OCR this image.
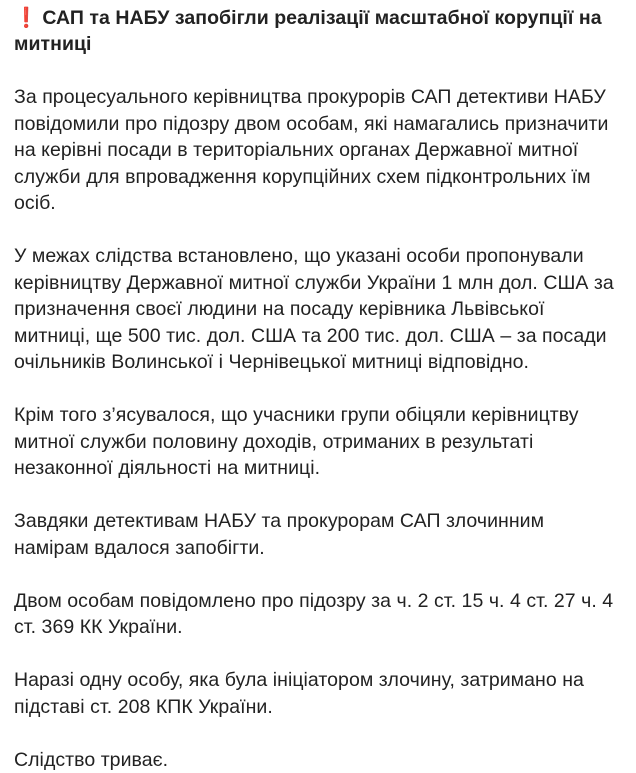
❗ САП та НАБУ запобігли реалізації масштабної корупції на митниці
За процесуального керівництва прокурорів САП детективи НАБУ повідомили про підозру двом особам, які намагались призначити на керівні посади в територіальних органах Державної митної служби для впровадження корупційних схем підконтрольних їм осіб.
У межах слідства встановлено, що указані особи пропонували керівництву Державної митної служби України 1 млн дол. США за призначення своєї людини на посаду керівника Львівської митниці, ще 500 тис. дол. США та 200 тис. дол. США – за посади очільників Волинської і Чернівецької митниці відповідно.
Крім того з’ясувалося, що учасники групи обіцяли керівництву митної служби половину доходів, отриманих в результаті незаконної діяльності на митниці.
Завдяки детективам НАБУ та прокурорам САП злочинним намірам вдалося запобігти.
Двом особам повідомлено про підозру за ч. 2 ст. 15 ч. 4 ст. 27 ч. 4 ст. 369 КК України.
Наразі одну особу, яка була ініціатором злочину, затримано на підставі ст. 208 КПК України.
Слідство триває.
